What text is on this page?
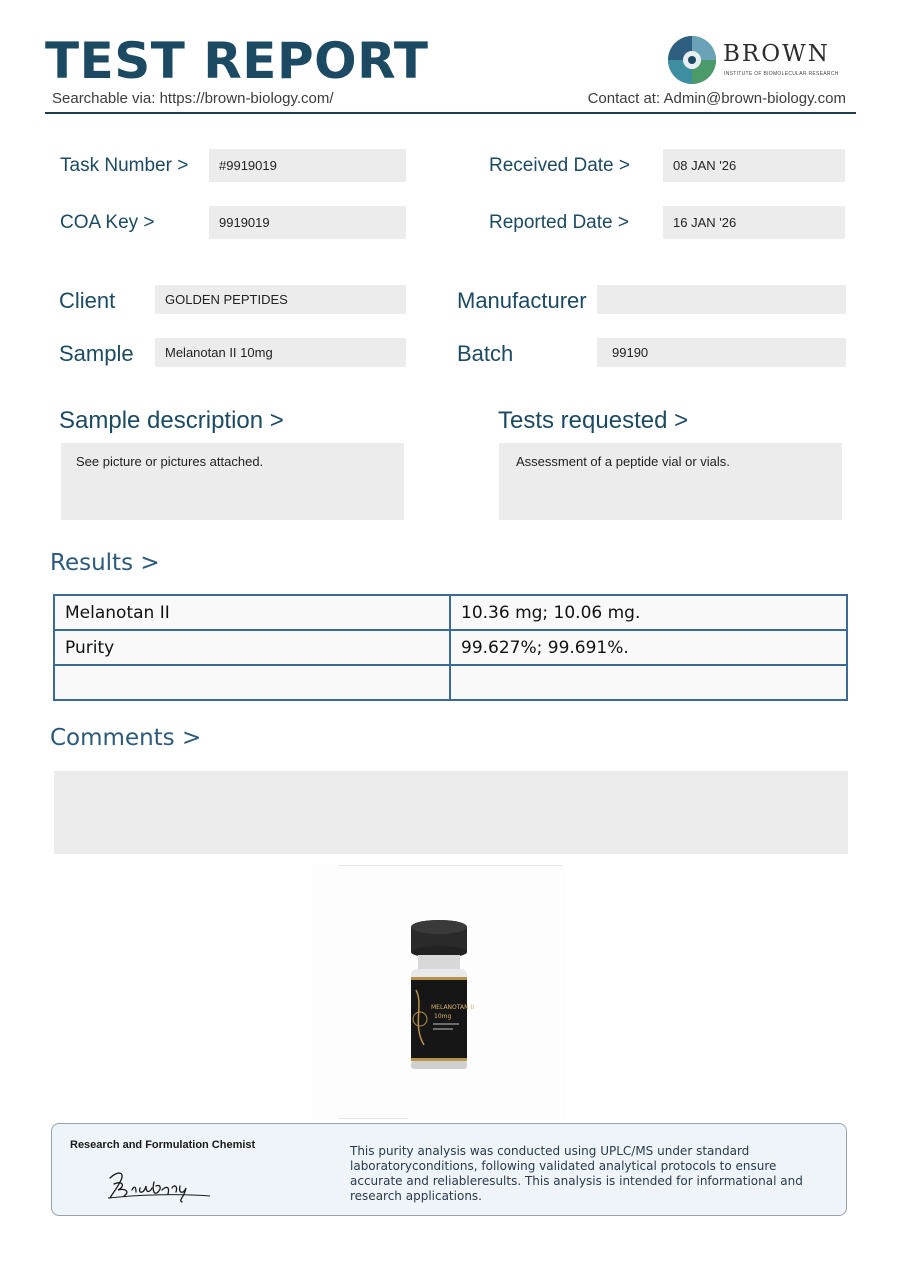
TEST REPORT
Searchable via: https://brown-biology.com/	Contact at: Admin@brown-biology.com
BROWN
INSTITUTE OF BIOMOLECULAR RESEARCH
Task Number >	#9919019
COA Key >	9919019
Received Date >	08 JAN '26
Reported Date >	16 JAN '26
Client	GOLDEN PEPTIDES
Sample	Melanotan II 10mg
Manufacturer
Batch	99190
Sample description >
See picture or pictures attached.
Tests requested >
Assessment of a peptide vial or vials.
Results >
Melanotan II	10.36 mg; 10.06 mg.
Purity	99.627%; 99.691%.

Comments >
MELANOTAN II
10mg
Research and Formulation Chemist	This purity analysis was conducted using UPLC/MS under standard laboratoryconditions, following validated analytical protocols to ensure accurate and reliableresults. This analysis is intended for informational and research applications.
